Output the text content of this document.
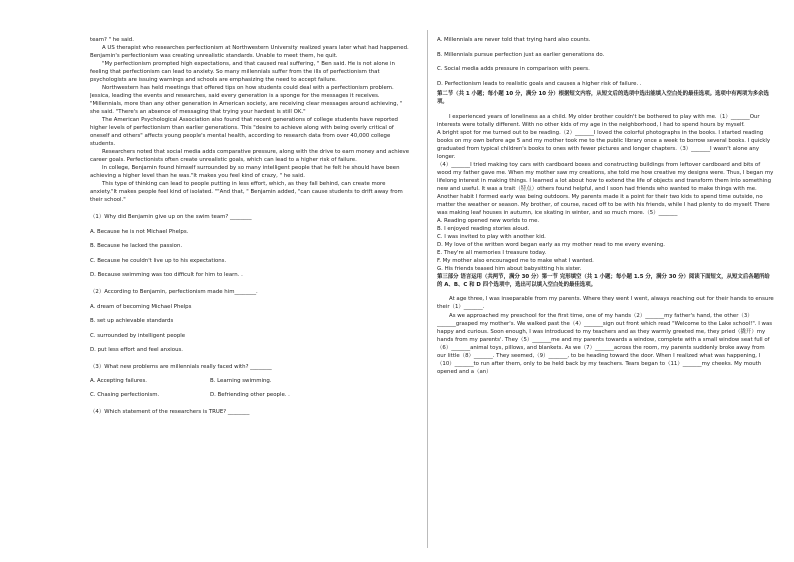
team? " he said.

A US therapist who researches perfectionism at Northwestern University realized years later what had happened. Benjamin's perfectionism was creating unrealistic standards. Unable to meet them, he quit.

"My perfectionism prompted high expectations, and that caused real suffering, " Ben said. He is not alone in feeling that perfectionism can lead to anxiety. So many millennials suffer from the ills of perfectionism that psychologists are issuing warnings and schools are emphasizing the need to accept failure.

Northwestern has held meetings that offered tips on how students could deal with a perfectionism problem. Jessica, leading the events and researches, said every generation is a sponge for the messages it receives. "Millennials, more than any other generation in American society, are receiving clear messages around achieving, " she said. "There's an absence of messaging that trying your hardest is still OK."

The American Psychological Association also found that recent generations of college students have reported higher levels of perfectionism than earlier generations. This "desire to achieve along with being overly critical of oneself and others" affects young people's mental health, according to research data from over 40,000 college students.

Researchers noted that social media adds comparative pressure, along with the drive to earn money and achieve career goals. Perfectionists often create unrealistic goals, which can lead to a higher risk of failure.

In college, Benjamin found himself surrounded by so many intelligent people that he felt he should have been achieving a higher level than he was."It makes you feel kind of crazy, " he said.

This type of thinking can lead to people putting in less effort, which, as they fall behind, can create more anxiety."It makes people feel kind of isolated. ""And that, " Benjamin added, "can cause students to drift away from their school."

（1）Why did Benjamin give up on the swim team? ________

A. Because he is not Michael Phelps.

B. Because he lacked the passion.

C. Because he couldn't live up to his expectations.

D. Because swimming was too difficult for him to learn. .

（2）According to Benjamin, perfectionism made him________.

A. dream of becoming Michael Phelps

B. set up achievable standards

C. surrounded by intelligent people

D. put less effort and feel anxious.

（3）What new problems are millennials really faced with? ________

A. Accepting failures.	B. Learning swimming.
C. Chasing perfectionism.	D. Befriending other people. .

（4）Which statement of the researchers is TRUE? ________

A. Millennials are never told that trying hard also counts.

B. Millennials pursue perfection just as earlier generations do.

C. Social media adds pressure in comparison with peers.

D. Perfectionism leads to realistic goals and causes a higher risk of failure. .

第二节（共 1 小题；每小题 10 分，满分 10 分）根据短文内容，从短文后的选项中选出能填入空白处的最佳选项。选项中有两项为多余选项。

I experienced years of loneliness as a child. My older brother couldn't be bothered to play with me.（1）_______Our interests were totally different. With no other kids of my age in the neighborhood, I had to spend hours by myself.

A bright spot for me turned out to be reading.（2）_______I loved the colorful photographs in the books. I started reading books on my own before age 5 and my mother took me to the public library once a week to borrow several books. I quickly graduated from typical children's books to ones with fewer pictures and longer chapters.（3）_______I wasn't alone any longer.

（4）_______I tried making toy cars with cardboard boxes and constructing buildings from leftover cardboard and bits of wood my father gave me. When my mother saw my creations, she told me how creative my designs were. Thus, I began my lifelong interest in making things. I learned a lot about how to extend the life of objects and transform them into something new and useful. It was a trait（特点）others found helpful, and I soon had friends who wanted to make things with me.

Another habit I formed early was being outdoors. My parents made it a point for their two kids to spend time outside, no matter the weather or season. My brother, of course, raced off to be with his friends, while I had plenty to do myself. There was making leaf houses in autumn, ice skating in winter, and so much more.（5）_______

A. Reading opened new worlds to me.

B. I enjoyed reading stories aloud.

C. I was invited to play with another kid.

D. My love of the written word began early as my mother read to me every evening.

E. They're all memories I treasure today.

F. My mother also encouraged me to make what I wanted.

G. His friends teased him about babysitting his sister.

第三部分 语言运用（共两节，满分 30 分）第一节 完形填空（共 1 小题；每小题 1.5 分，满分 30 分）阅读下面短文，从短文后各题所给的 A、B、C 和 D 四个选项中，选出可以填入空白处的最佳选项。

At age three, I was inseparable from my parents. Where they went I went, always reaching out for their hands to ensure their（1）_______.

As we approached my preschool for the first time, one of my hands（2）_______my father's hand, the other（3）_______grasped my mother's. We walked past the（4）_______sign out front which read "Welcome to the Lake school!". I was happy and curious. Soon enough, I was introduced to my teachers and as they warmly greeted me, they pried（撬开）my hands from my parents'. They（5）_______me and my parents towards a window, complete with a small window seat full of（6）_______animal toys, pillows, and blankets. As we（7）_______across the room, my parents suddenly broke away from our little（8）_______. They seemed,（9）_______, to be heading toward the door. When I realized what was happening, I（10）_______to run after them, only to be held back by my teachers. Tears began to（11）_______my cheeks. My mouth opened and a（an）
